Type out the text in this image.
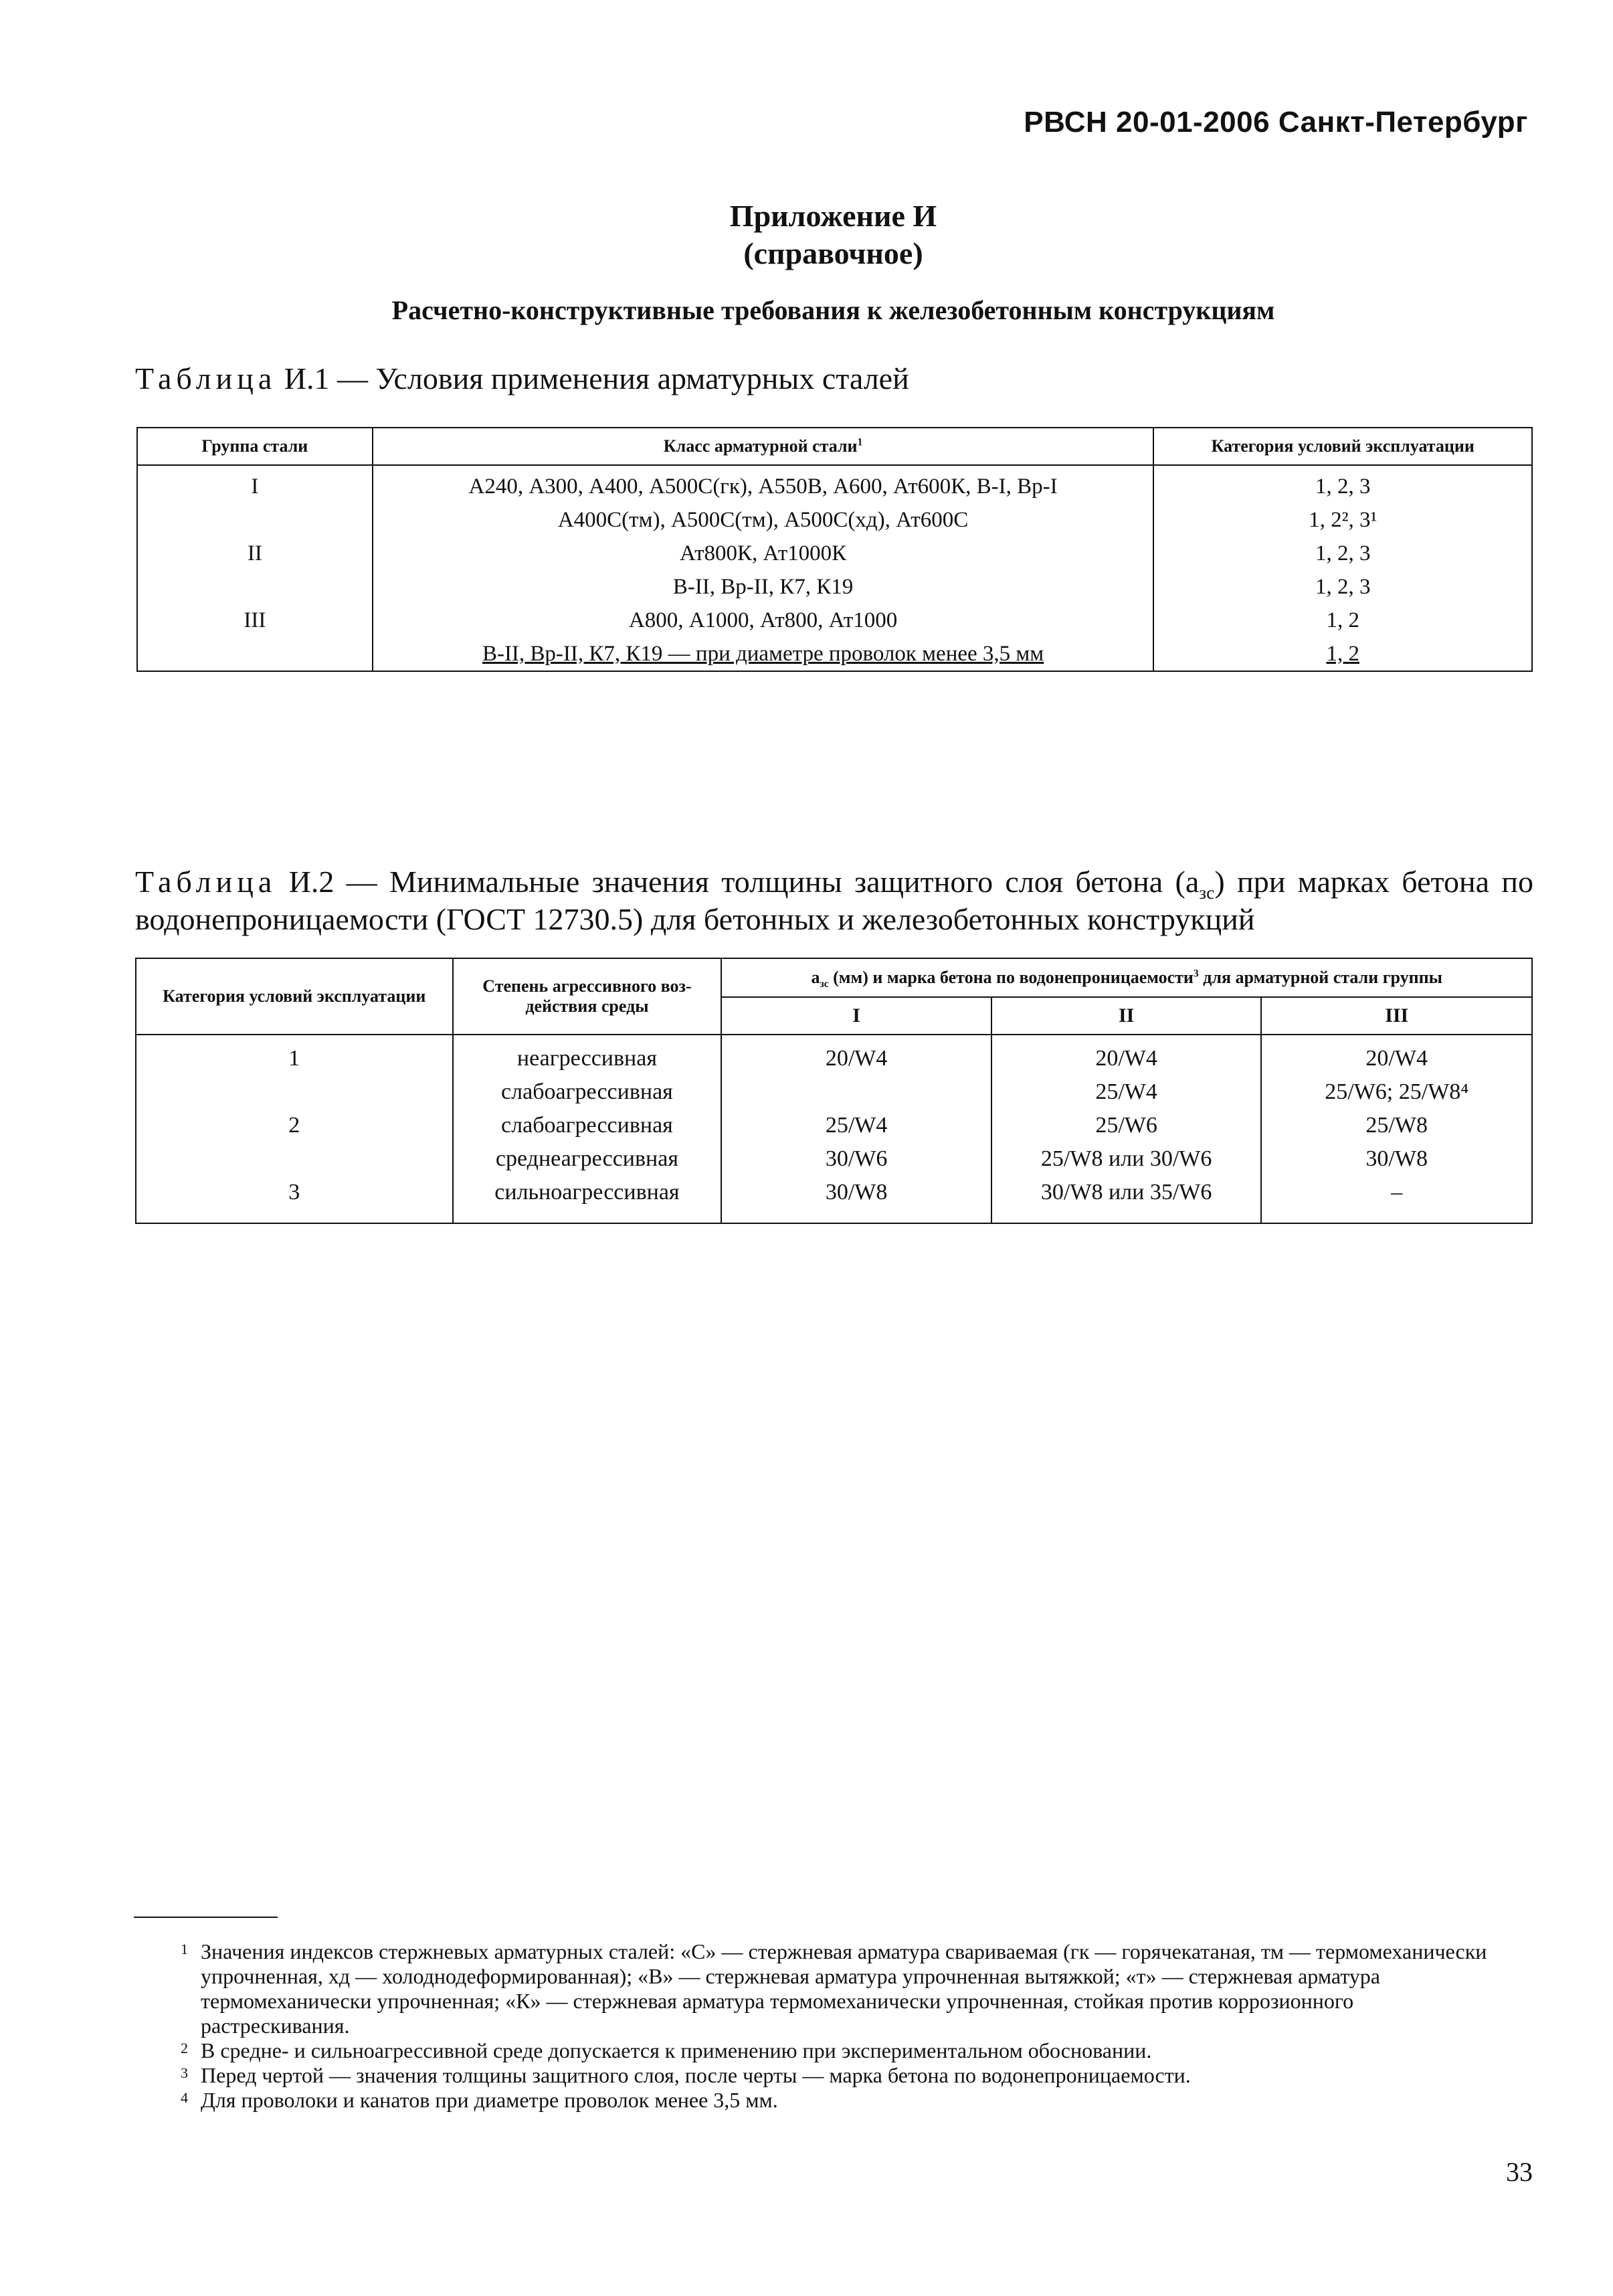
РВСН 20-01-2006 Санкт-Петербург
Приложение И
(справочное)
Расчетно-конструктивные требования к железобетонным конструкциям
Таблица И.1 — Условия применения арматурных сталей
Группа стали	Класс арматурной стали$^1$	Категория условий эксплуатации
I	А240, А300, А400, А500С(гк), А550В, А600, Ат600К, В-I, Вр-I	1, 2, 3
	А400С(тм), А500С(тм), А500С(хд), Ат600С	1, 2², 3¹
II	Ат800К, Ат1000К	1, 2, 3
	В-II, Вр-II, К7, К19	1, 2, 3
III	А800, А1000, Ат800, Ат1000	1, 2
	В-II, Вр-II, К7, К19 — при диаметре проволок менее 3,5 мм	1, 2
Таблица И.2 — Минимальные значения толщины защитного слоя бетона $(a_{зс})$ при марках бетона по водонепроницаемости (ГОСТ 12730.5) для бетонных и железобетонных конструкций
Категория условий эксплуатации	Степень агрессивного воз-действия среды	$a_{зс}$ (мм) и марка бетона по водонепроницаемости$^3$ для арматурной стали группы		
		I	II	III
1	неагрессивная	20/W4	20/W4	20/W4
	слабоагрессивная		25/W4	25/W6; 25/W8⁴
2	слабоагрессивная	25/W4	25/W6	25/W8
	среднеагрессивная	30/W6	25/W8 или 30/W6	30/W8
3	сильноагрессивная	30/W8	30/W8 или 35/W6	–
1 Значения индексов стержневых арматурных сталей: «С» — стержневая арматура свариваемая (гк — горячекатаная, тм — термомеханически упрочненная, хд — холоднодеформированная); «В» — стержневая арматура упрочненная вытяжкой; «т» — стержневая арматура термомеханически упрочненная; «К» — стержневая арматура термомеханически упрочненная, стойкая против коррозионного растрескивания.
2 В средне- и сильноагрессивной среде допускается к применению при экспериментальном обосновании.
3 Перед чертой — значения толщины защитного слоя, после черты — марка бетона по водонепроницаемости.
4 Для проволоки и канатов при диаметре проволок менее 3,5 мм.
33
